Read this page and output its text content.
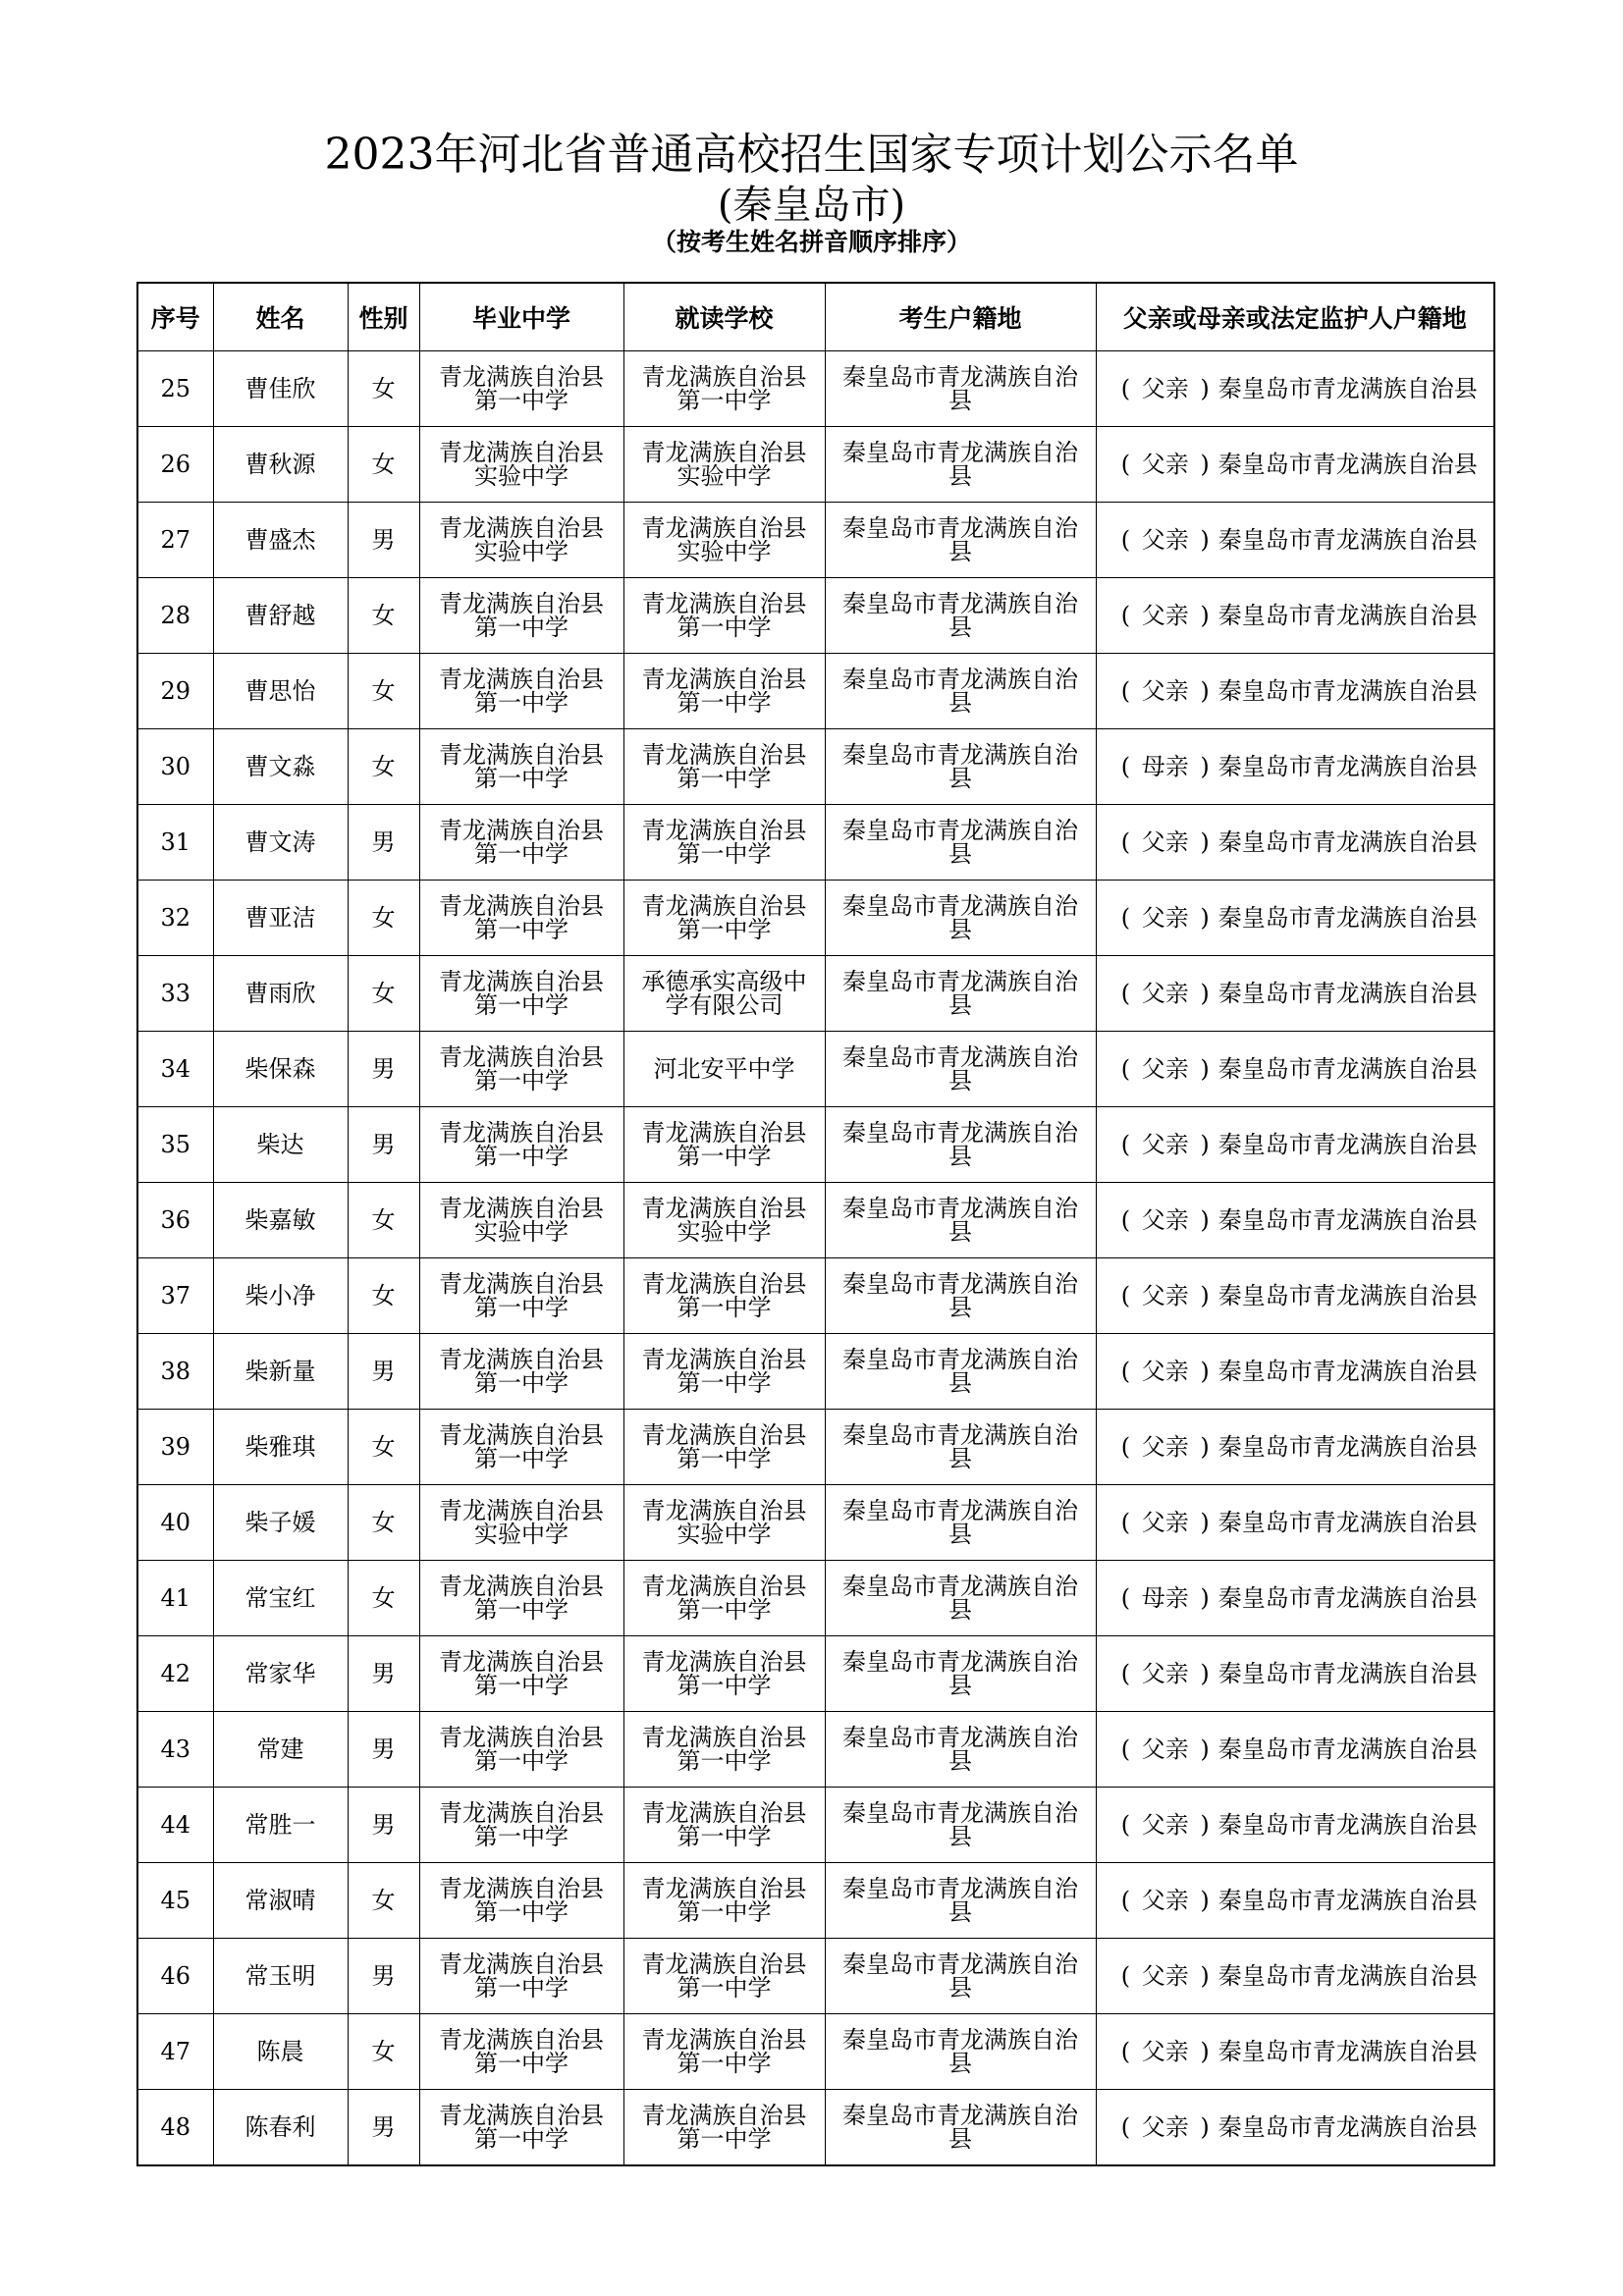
2023年河北省普通高校招生国家专项计划公示名单
(秦皇岛市)
（按考生姓名拼音顺序排序）
序号	姓名	性别	毕业中学	就读学校	考生户籍地	父亲或母亲或法定监护人户籍地
25	曹佳欣	女	青龙满族自治县第一中学	青龙满族自治县第一中学	秦皇岛市青龙满族自治县	( 父亲 ) 秦皇岛市青龙满族自治县
26	曹秋源	女	青龙满族自治县实验中学	青龙满族自治县实验中学	秦皇岛市青龙满族自治县	( 父亲 ) 秦皇岛市青龙满族自治县
27	曹盛杰	男	青龙满族自治县实验中学	青龙满族自治县实验中学	秦皇岛市青龙满族自治县	( 父亲 ) 秦皇岛市青龙满族自治县
28	曹舒越	女	青龙满族自治县第一中学	青龙满族自治县第一中学	秦皇岛市青龙满族自治县	( 父亲 ) 秦皇岛市青龙满族自治县
29	曹思怡	女	青龙满族自治县第一中学	青龙满族自治县第一中学	秦皇岛市青龙满族自治县	( 父亲 ) 秦皇岛市青龙满族自治县
30	曹文淼	女	青龙满族自治县第一中学	青龙满族自治县第一中学	秦皇岛市青龙满族自治县	( 母亲 ) 秦皇岛市青龙满族自治县
31	曹文涛	男	青龙满族自治县第一中学	青龙满族自治县第一中学	秦皇岛市青龙满族自治县	( 父亲 ) 秦皇岛市青龙满族自治县
32	曹亚洁	女	青龙满族自治县第一中学	青龙满族自治县第一中学	秦皇岛市青龙满族自治县	( 父亲 ) 秦皇岛市青龙满族自治县
33	曹雨欣	女	青龙满族自治县第一中学	承德承实高级中学有限公司	秦皇岛市青龙满族自治县	( 父亲 ) 秦皇岛市青龙满族自治县
34	柴保森	男	青龙满族自治县第一中学	河北安平中学	秦皇岛市青龙满族自治县	( 父亲 ) 秦皇岛市青龙满族自治县
35	柴达	男	青龙满族自治县第一中学	青龙满族自治县第一中学	秦皇岛市青龙满族自治县	( 父亲 ) 秦皇岛市青龙满族自治县
36	柴嘉敏	女	青龙满族自治县实验中学	青龙满族自治县实验中学	秦皇岛市青龙满族自治县	( 父亲 ) 秦皇岛市青龙满族自治县
37	柴小净	女	青龙满族自治县第一中学	青龙满族自治县第一中学	秦皇岛市青龙满族自治县	( 父亲 ) 秦皇岛市青龙满族自治县
38	柴新量	男	青龙满族自治县第一中学	青龙满族自治县第一中学	秦皇岛市青龙满族自治县	( 父亲 ) 秦皇岛市青龙满族自治县
39	柴雅琪	女	青龙满族自治县第一中学	青龙满族自治县第一中学	秦皇岛市青龙满族自治县	( 父亲 ) 秦皇岛市青龙满族自治县
40	柴子媛	女	青龙满族自治县实验中学	青龙满族自治县实验中学	秦皇岛市青龙满族自治县	( 父亲 ) 秦皇岛市青龙满族自治县
41	常宝红	女	青龙满族自治县第一中学	青龙满族自治县第一中学	秦皇岛市青龙满族自治县	( 母亲 ) 秦皇岛市青龙满族自治县
42	常家华	男	青龙满族自治县第一中学	青龙满族自治县第一中学	秦皇岛市青龙满族自治县	( 父亲 ) 秦皇岛市青龙满族自治县
43	常建	男	青龙满族自治县第一中学	青龙满族自治县第一中学	秦皇岛市青龙满族自治县	( 父亲 ) 秦皇岛市青龙满族自治县
44	常胜一	男	青龙满族自治县第一中学	青龙满族自治县第一中学	秦皇岛市青龙满族自治县	( 父亲 ) 秦皇岛市青龙满族自治县
45	常淑晴	女	青龙满族自治县第一中学	青龙满族自治县第一中学	秦皇岛市青龙满族自治县	( 父亲 ) 秦皇岛市青龙满族自治县
46	常玉明	男	青龙满族自治县第一中学	青龙满族自治县第一中学	秦皇岛市青龙满族自治县	( 父亲 ) 秦皇岛市青龙满族自治县
47	陈晨	女	青龙满族自治县第一中学	青龙满族自治县第一中学	秦皇岛市青龙满族自治县	( 父亲 ) 秦皇岛市青龙满族自治县
48	陈春利	男	青龙满族自治县第一中学	青龙满族自治县第一中学	秦皇岛市青龙满族自治县	( 父亲 ) 秦皇岛市青龙满族自治县
